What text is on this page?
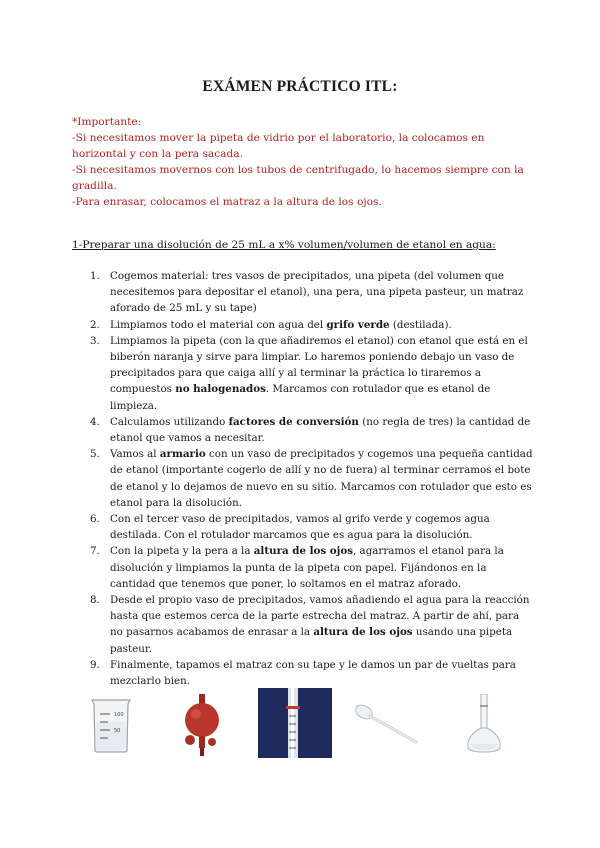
EXÁMEN PRÁCTICO ITL:
*Importante:
-Si necesitamos mover la pipeta de vidrio por el laboratorio, la colocamos en horizontal y con la pera sacada.
-Si necesitamos movernos con los tubos de centrifugado, lo hacemos siempre con la gradilla.
-Para enrasar, colocamos el matraz a la altura de los ojos.
1-Preparar una disolución de 25 mL a x% volumen/volumen de etanol en agua:
1. Cogemos material: tres vasos de precipitados, una pipeta (del volumen que necesitemos para depositar el etanol), una pera, una pipeta pasteur, un matraz aforado de 25 mL y su tape)
2. Limpiamos todo el material con agua del grifo verde (destilada).
3. Limpiamos la pipeta (con la que añadiremos el etanol) con etanol que está en el biberón naranja y sirve para limpiar. Lo haremos poniendo debajo un vaso de precipitados para que caiga allí y al terminar la práctica lo tiraremos a compuestos no halogenados. Marcamos con rotulador que es etanol de limpieza.
4. Calculamos utilizando factores de conversión (no regla de tres) la cantidad de etanol que vamos a necesitar.
5. Vamos al armario con un vaso de precipitados y cogemos una pequeña cantidad de etanol (importante cogerlo de allí y no de fuera) al terminar cerramos el bote de etanol y lo dejamos de nuevo en su sitio. Marcamos con rotulador que esto es etanol para la disolución.
6. Con el tercer vaso de precipitados, vamos al grifo verde y cogemos agua destilada. Con el rotulador marcamos que es agua para la disolución.
7. Con la pipeta y la pera a la altura de los ojos, agarramos el etanol para la disolución y limpiamos la punta de la pipeta con papel. Fijándonos en la cantidad que tenemos que poner, lo soltamos en el matraz aforado.
8. Desde el propio vaso de precipitados, vamos añadiendo el agua para la reacción hasta que estemos cerca de la parte estrecha del matraz. A partir de ahí, para no pasarnos acabamos de enrasar a la altura de los ojos usando una pipeta pasteur.
9. Finalmente, tapamos el matraz con su tape y le damos un par de vueltas para mezclarlo bien.
100
50
